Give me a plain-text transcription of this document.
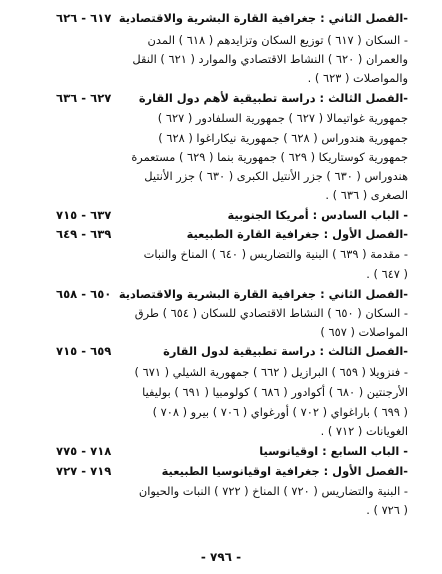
-الفصل الثاني : جغرافية القارة البشرية والاقتصادية
٦١٧ - ٦٢٦
- السكان ( ٦١٧ ) توزيع السكان وتزايدهم ( ٦١٨ ) المدن
والعمران ( ٦٢٠ ) النشاط الاقتصادي والموارد ( ٦٢١ ) النقل
والمواصلات ( ٦٢٣ ) .
-الفصل الثالث : دراسة تطبيقية لأهم دول القارة
٦٢٧ - ٦٣٦
جمهورية غواتيمالا ( ٦٢٧ ) جمهورية السلفادور ( ٦٢٧ )
جمهورية هندوراس ( ٦٢٨ ) جمهورية نيكاراغوا ( ٦٢٨ )
جمهورية كوستاريكا ( ٦٢٩ ) جمهورية بنما ( ٦٢٩ ) مستعمرة
هندوراس ( ٦٣٠ ) جزر الأنتيل الكبرى ( ٦٣٠ ) جزر الأنتيل
الصغرى ( ٦٣٦ ) .
- الباب السادس : أمريكا الجنوبية
٦٣٧ - ٧١٥
-الفصل الأول : جغرافية القارة الطبيعية
٦٣٩ - ٦٤٩
- مقدمة ( ٦٣٩ ) البنية والتضاريس ( ٦٤٠ ) المناخ والنبات
( ٦٤٧ ) .
-الفصل الثاني : جغرافية القارة البشرية والاقتصادية
٦٥٠ - ٦٥٨
- السكان ( ٦٥٠ ) النشاط الاقتصادي للسكان ( ٦٥٤ ) طرق
المواصلات ( ٦٥٧ )
-الفصل الثالث : دراسة تطبيقية لدول القارة
٦٥٩ - ٧١٥
- فنزويلا ( ٦٥٩ ) البرازيل ( ٦٦٢ ) جمهورية الشيلي ( ٦٧١ )
الأرجنتين ( ٦٨٠ ) أكوادور ( ٦٨٦ ) كولومبيا ( ٦٩١ ) بوليفيا
( ٦٩٩ ) باراغواي ( ٧٠٢ ) أورغواي ( ٧٠٦ ) بيرو ( ٧٠٨ )
الغويانات ( ٧١٢ ) .
- الباب السابع : اوقيانوسيا
٧١٨ - ٧٧٥
-الفصل الأول : جغرافية اوقيانوسيا الطبيعية
٧١٩ - ٧٢٧
- البنية والتضاريس ( ٧٢٠ ) المناخ ( ٧٢٢ ) النبات والحيوان
( ٧٢٦ ) .
- ٧٩٦ -
